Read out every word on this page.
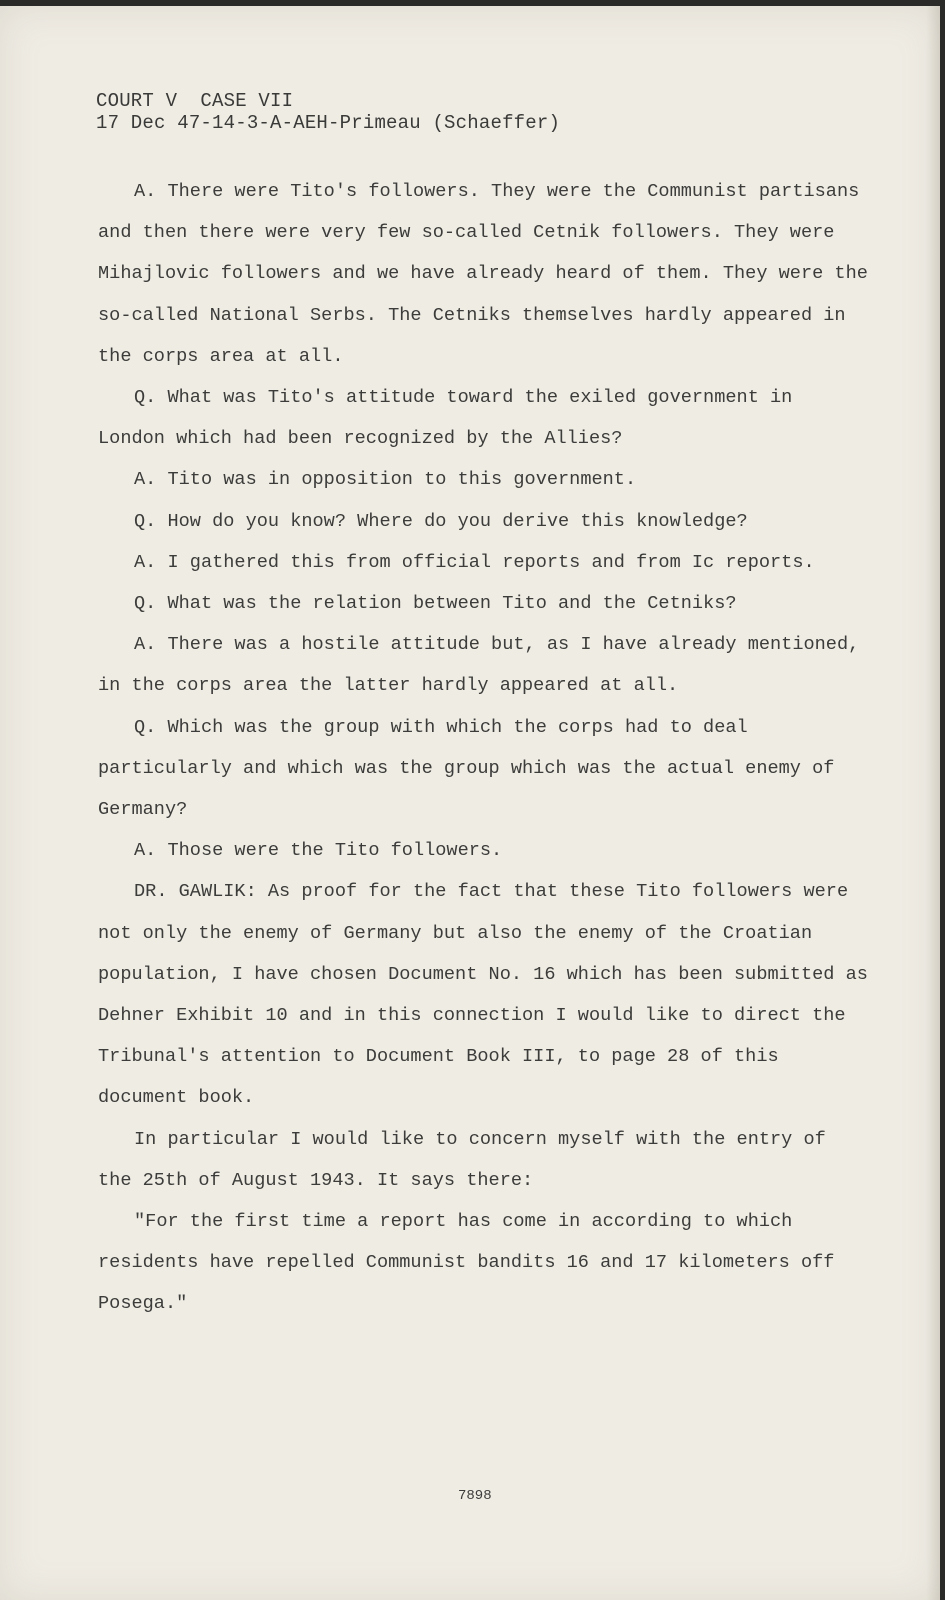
COURT V  CASE VII
17 Dec 47-14-3-A-AEH-Primeau (Schaeffer)

A. There were Tito's followers. They were the Communist partisans and then there were very few so-called Cetnik followers. They were Mihajlovic followers and we have already heard of them. They were the so-called National Serbs. The Cetniks themselves hardly appeared in the corps area at all.

Q. What was Tito's attitude toward the exiled government in London which had been recognized by the Allies?

A. Tito was in opposition to this government.

Q. How do you know? Where do you derive this knowledge?

A. I gathered this from official reports and from Ic reports.

Q. What was the relation between Tito and the Cetniks?

A. There was a hostile attitude but, as I have already mentioned, in the corps area the latter hardly appeared at all.

Q. Which was the group with which the corps had to deal particularly and which was the group which was the actual enemy of Germany?

A. Those were the Tito followers.

DR. GAWLIK: As proof for the fact that these Tito followers were not only the enemy of Germany but also the enemy of the Croatian population, I have chosen Document No. 16 which has been submitted as Dehner Exhibit 10 and in this connection I would like to direct the Tribunal's attention to Document Book III, to page 28 of this document book.

In particular I would like to concern myself with the entry of the 25th of August 1943. It says there:

"For the first time a report has come in according to which residents have repelled Communist bandits 16 and 17 kilometers off Posega."

7898
